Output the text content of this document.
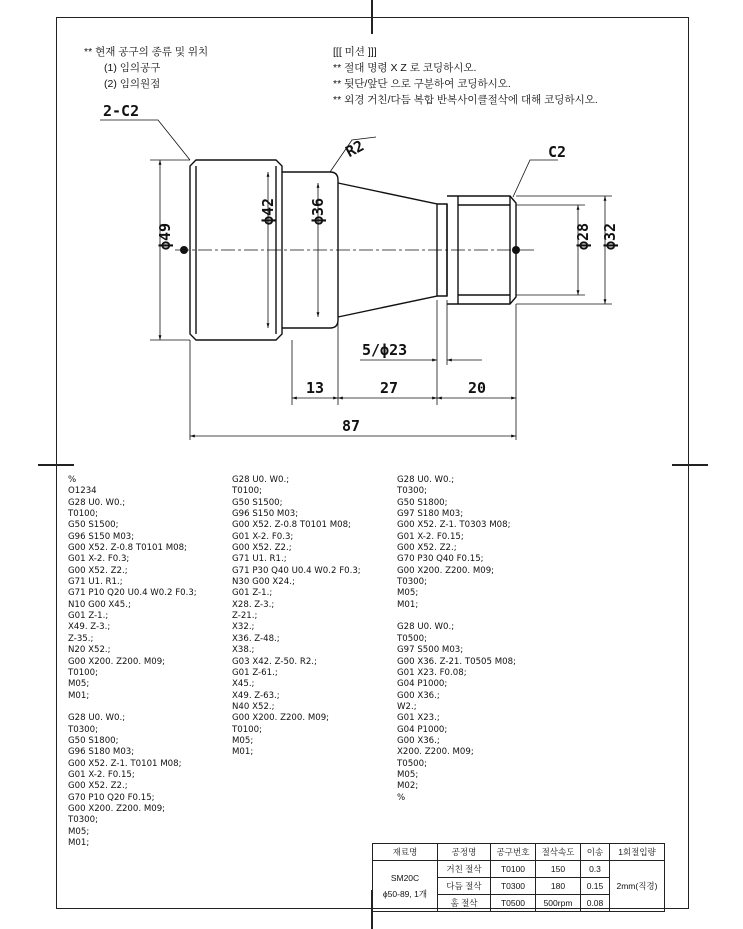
** 현재 공구의 종류 및 위치
(1) 임의공구
(2) 임의원점
[[[ 미션 ]]]
** 절대 명령 X Z 로 코딩하시오.
** 뒷단/앞단 으로 구분하여 코딩하시오.
** 외경 거친/다듬 복합 반복사이클절삭에 대해 코딩하시오.
2-C2
R2	C2
ϕ49
ϕ42 ϕ36
ϕ28 ϕ32
5/ϕ23
13	27	20
87
%
O1234
G28 U0. W0.;
T0100;
G50 S1500;
G96 S150 M03;
G00 X52. Z-0.8 T0101 M08;
G01 X-2. F0.3;
G00 X52. Z2.;
G71 U1. R1.;
G71 P10 Q20 U0.4 W0.2 F0.3;
N10 G00 X45.;
G01 Z-1.;
X49. Z-3.;
Z-35.;
N20 X52.;
G00 X200. Z200. M09;
T0100;
M05;
M01;
G28 U0. W0.;
T0300;
G50 S1800;
G96 S180 M03;
G00 X52. Z-1. T0101 M08;
G01 X-2. F0.15;
G00 X52. Z2.;
G70 P10 Q20 F0.15;
G00 X200. Z200. M09;
T0300;
M05;
M01;
G28 U0. W0.;
T0100;
G50 S1500;
G96 S150 M03;
G00 X52. Z-0.8 T0101 M08;
G01 X-2. F0.3;
G00 X52. Z2.;
G71 U1. R1.;
G71 P30 Q40 U0.4 W0.2 F0.3;
N30 G00 X24.;
G01 Z-1.;
X28. Z-3.;
Z-21.;
X32.;
X36. Z-48.;
X38.;
G03 X42. Z-50. R2.;
G01 Z-61.;
X45.;
X49. Z-63.;
N40 X52.;
G00 X200. Z200. M09;
T0100;
M05;
M01;
G28 U0. W0.;
T0300;
G50 S1800;
G97 S180 M03;
G00 X52. Z-1. T0303 M08;
G01 X-2. F0.15;
G00 X52. Z2.;
G70 P30 Q40 F0.15;
G00 X200. Z200. M09;
T0300;
M05;
M01;
G28 U0. W0.;
T0500;
G97 S500 M03;
G00 X36. Z-21. T0505 M08;
G01 X23. F0.08;
G04 P1000;
G00 X36.;
W2.;
G01 X23.;
G04 P1000;
G00 X36.;
X200. Z200. M09;
T0500;
M05;
M02;
%
재료명	공정명	공구번호	절삭속도	이송	1회절입량

SM20C
ϕ50-89, 1개	거친 절삭	T0100	150	0.3	2mm(직경)
	다듬 절삭	T0300	180	0.15	
	홈 절삭	T0500	500rpm	0.08	
